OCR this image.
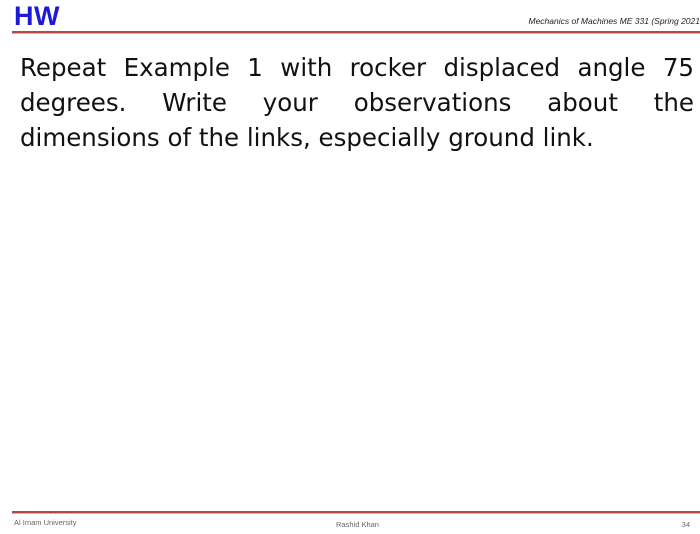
HW	Mechanics of Machines ME 331 (Spring 2021
Repeat Example 1 with rocker displaced angle 75 degrees. Write your observations about the dimensions of the links, especially ground link.
Al Imam University	Rashid Khan	34
